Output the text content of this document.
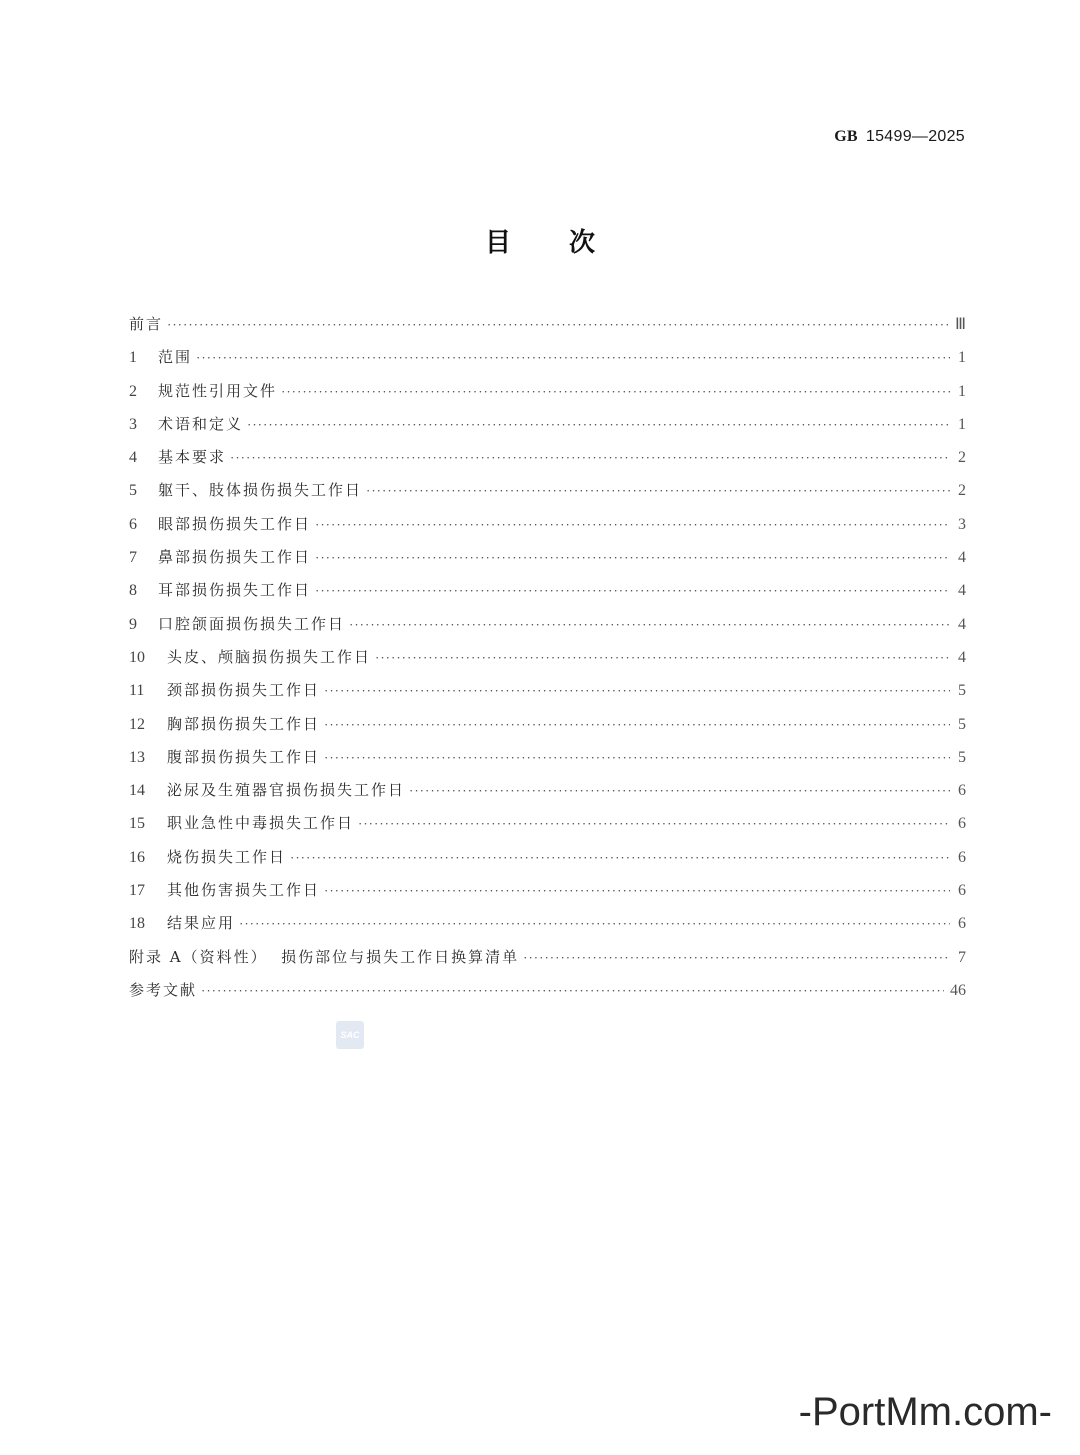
GB 15499—2025
目 次
前言 ·····	Ⅲ
1	范围 ·····	1
2	规范性引用文件 ·····	1
3	术语和定义 ·····	1
4	基本要求 ·····	2
5	躯干、肢体损伤损失工作日 ·····	2
6	眼部损伤损失工作日 ·····	3
7	鼻部损伤损失工作日 ·····	4
8	耳部损伤损失工作日 ·····	4
9	口腔颌面损伤损失工作日 ·····	4
10	头皮、颅脑损伤损失工作日 ·····	4
11	颈部损伤损失工作日 ·····	5
12	胸部损伤损失工作日 ·····	5
13	腹部损伤损失工作日 ·····	5
14	泌尿及生殖器官损伤损失工作日 ·····	6
15	职业急性中毒损失工作日 ·····	6
16	烧伤损失工作日 ·····	6
17	其他伤害损失工作日 ·····	6
18	结果应用 ·····	6
附录 A（资料性）  损伤部位与损失工作日换算清单 ·····	7
参考文献 ·····	46
SAC
-PortMm.com-
